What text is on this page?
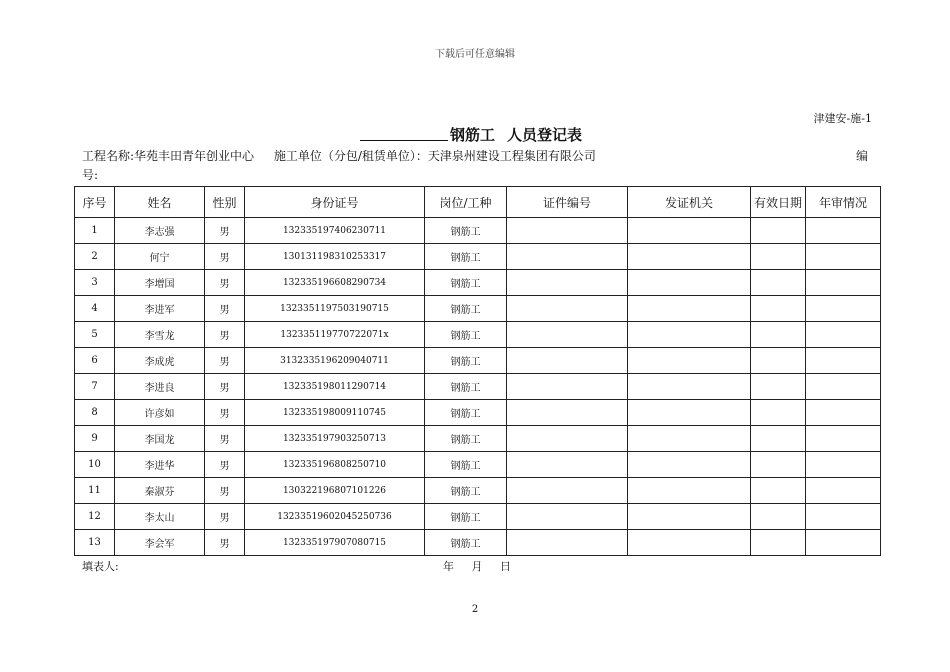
下载后可任意编辑
津建安-施-1
钢筋工 人员登记表
工程名称:华苑丰田青年创业中心 施工单位（分包/租赁单位）：天津泉州建设工程集团有限公司	编
号:
序号	姓名	性别	身份证号	岗位/工种	证件编号	发证机关	有效日期	年审情况
1	李志强	男	132335197406230711	钢筋工				
2	何宁	男	130131198310253317	钢筋工				
3	李增国	男	132335196608290734	钢筋工				
4	李进军	男	1323351197503190715	钢筋工				
5	李雪龙	男	132335119770722071x	钢筋工				
6	李成虎	男	3132335196209040711	钢筋工				
7	李进良	男	132335198011290714	钢筋工				
8	许彦如	男	132335198009110745	钢筋工				
9	李国龙	男	132335197903250713	钢筋工				
10	李进华	男	132335196808250710	钢筋工				
11	秦淑芬	男	130322196807101226	钢筋工				
12	李太山	男	13233519602045250736	钢筋工				
13	李会军	男	132335197907080715	钢筋工				
填表人:	年 月 日
2
